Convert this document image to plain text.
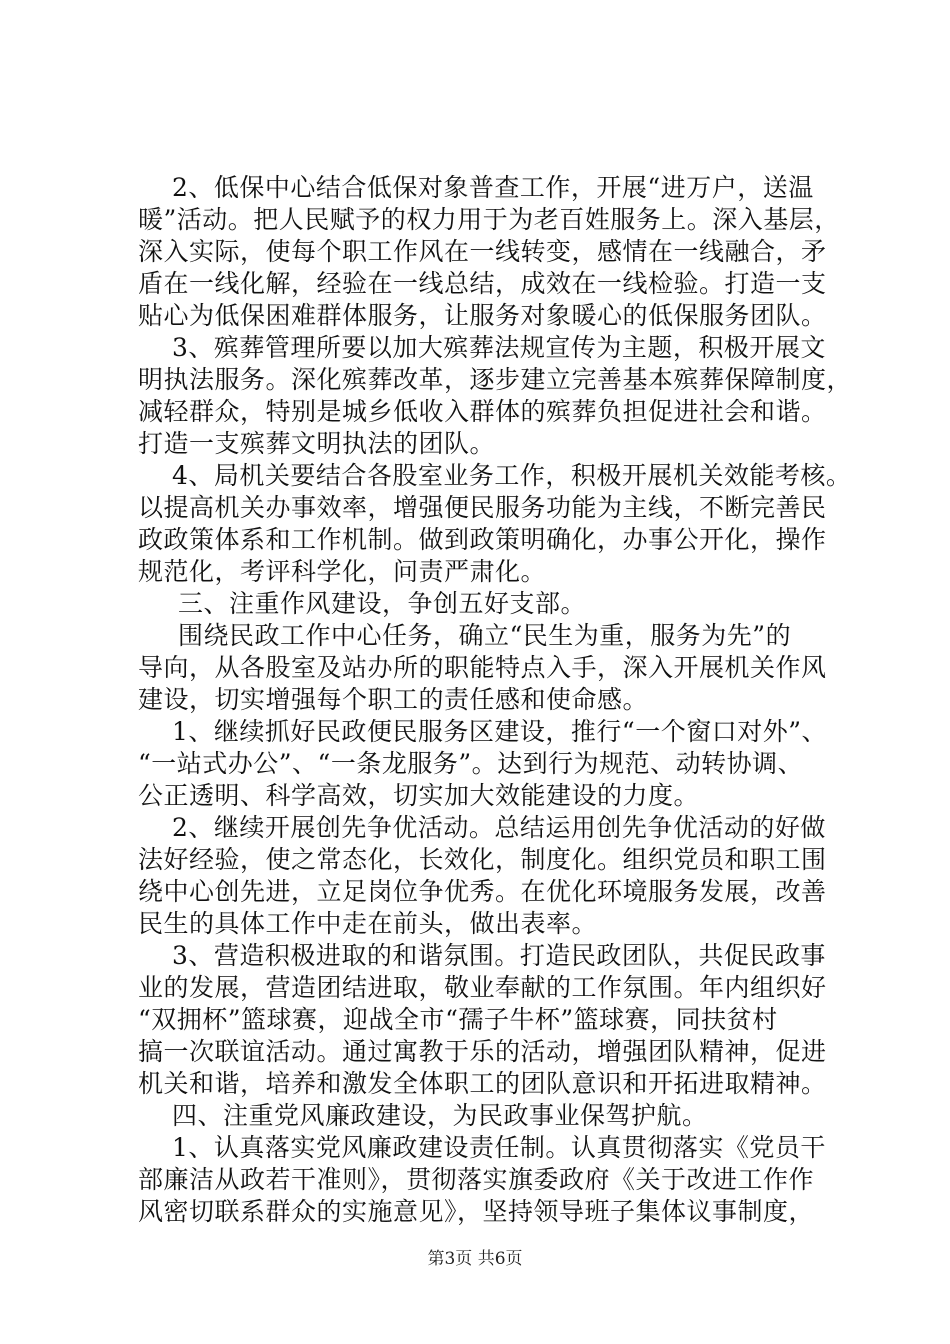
2、低保中心结合低保对象普查工作，开展“进万户，送温
暖”活动。把人民赋予的权力用于为老百姓服务上。深入基层，
深入实际，使每个职工作风在一线转变，感情在一线融合，矛
盾在一线化解，经验在一线总结，成效在一线检验。打造一支
贴心为低保困难群体服务，让服务对象暖心的低保服务团队。
3、殡葬管理所要以加大殡葬法规宣传为主题，积极开展文
明执法服务。深化殡葬改革，逐步建立完善基本殡葬保障制度，
减轻群众，特别是城乡低收入群体的殡葬负担促进社会和谐。
打造一支殡葬文明执法的团队。
4、局机关要结合各股室业务工作，积极开展机关效能考核。
以提高机关办事效率，增强便民服务功能为主线，不断完善民
政政策体系和工作机制。做到政策明确化，办事公开化，操作
规范化，考评科学化，问责严肃化。
三、注重作风建设，争创五好支部。
围绕民政工作中心任务，确立“民生为重，服务为先”的
导向，从各股室及站办所的职能特点入手，深入开展机关作风
建设，切实增强每个职工的责任感和使命感。
1、继续抓好民政便民服务区建设，推行“一个窗口对外”、
“一站式办公”、“一条龙服务”。达到行为规范、动转协调、
公正透明、科学高效，切实加大效能建设的力度。
2、继续开展创先争优活动。总结运用创先争优活动的好做
法好经验，使之常态化，长效化，制度化。组织党员和职工围
绕中心创先进，立足岗位争优秀。在优化环境服务发展，改善
民生的具体工作中走在前头，做出表率。
3、营造积极进取的和谐氛围。打造民政团队，共促民政事
业的发展，营造团结进取，敬业奉献的工作氛围。年内组织好
“双拥杯”篮球赛，迎战全市“孺子牛杯”篮球赛，同扶贫村
搞一次联谊活动。通过寓教于乐的活动，增强团队精神，促进
机关和谐，培养和激发全体职工的团队意识和开拓进取精神。
四、注重党风廉政建设，为民政事业保驾护航。
1、认真落实党风廉政建设责任制。认真贯彻落实《党员干
部廉洁从政若干准则》，贯彻落实旗委政府《关于改进工作作
风密切联系群众的实施意见》，坚持领导班子集体议事制度，
第3页 共6页
